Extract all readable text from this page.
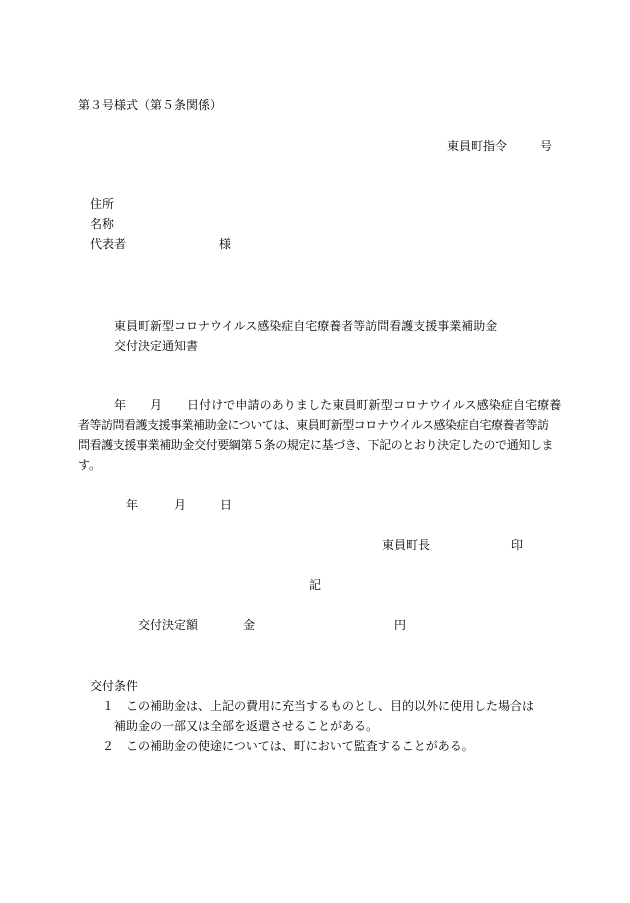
第３号様式（第５条関係）
東員町指令	号
住所
名称
代表者	様
東員町新型コロナウイルス感染症自宅療養者等訪問看護支援事業補助金
交付決定通知書
年 月 日付けで申請のありました東員町新型コロナウイルス感染症自宅療養
者等訪問看護支援事業補助金については、東員町新型コロナウイルス感染症自宅療養者等訪
問看護支援事業補助金交付要綱第５条の規定に基づき、下記のとおり決定したので通知しま
す。
年	月	日
東員町長	印
記
交付決定額	金	円
交付条件
１ この補助金は、上記の費用に充当するものとし、目的以外に使用した場合は
補助金の一部又は全部を返還させることがある。
２ この補助金の使途については、町において監査することがある。
